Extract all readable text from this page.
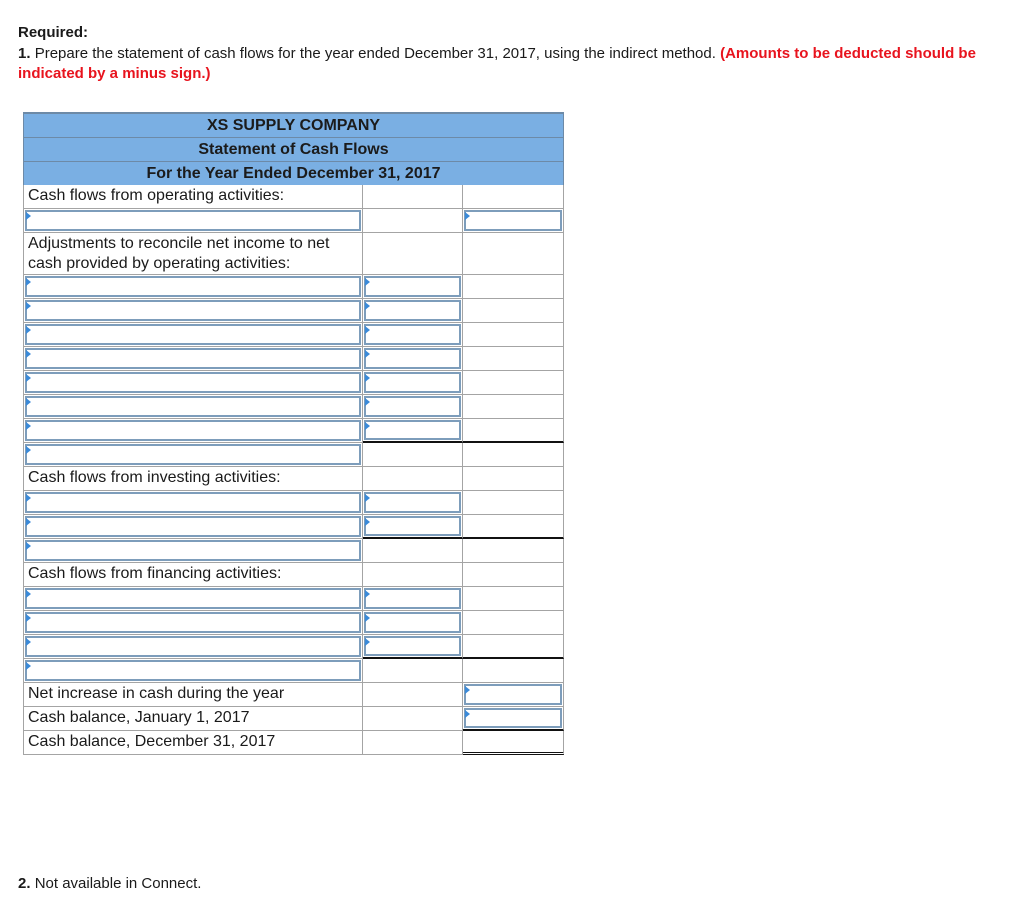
Required:
1. Prepare the statement of cash flows for the year ended December 31, 2017, using the indirect method. (Amounts to be deducted should be indicated by a minus sign.)
XS SUPPLY COMPANY
Statement of Cash Flows
For the Year Ended December 31, 2017
Cash flows from operating activities:
Adjustments to reconcile net income to net cash provided by operating activities:
Cash flows from investing activities:
Cash flows from financing activities:
Net increase in cash during the year
Cash balance, January 1, 2017
Cash balance, December 31, 2017
2. Not available in Connect.
